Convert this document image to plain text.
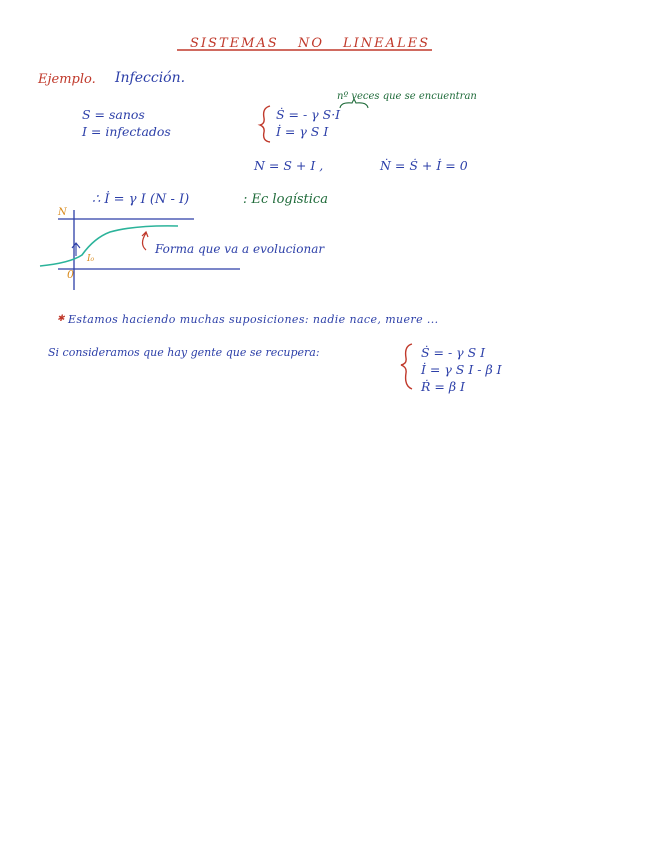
SISTEMAS NO LINEALES
Ejemplo. Infección.
S = sanos
I = infectados
nº veces que se encuentran
Ṡ = - γ S·I
İ = γ S I
N = S + I ,	Ṅ = Ṡ + İ = 0
∴ İ = γ I (N - I)	: Ec logística
N
0
I₀
Forma que va a evolucionar
✱ Estamos haciendo muchas suposiciones: nadie nace, muere ...
Si consideramos que hay gente que se recupera:	Ṡ = - γ S I
İ = γ S I - β I
Ṙ = β I
